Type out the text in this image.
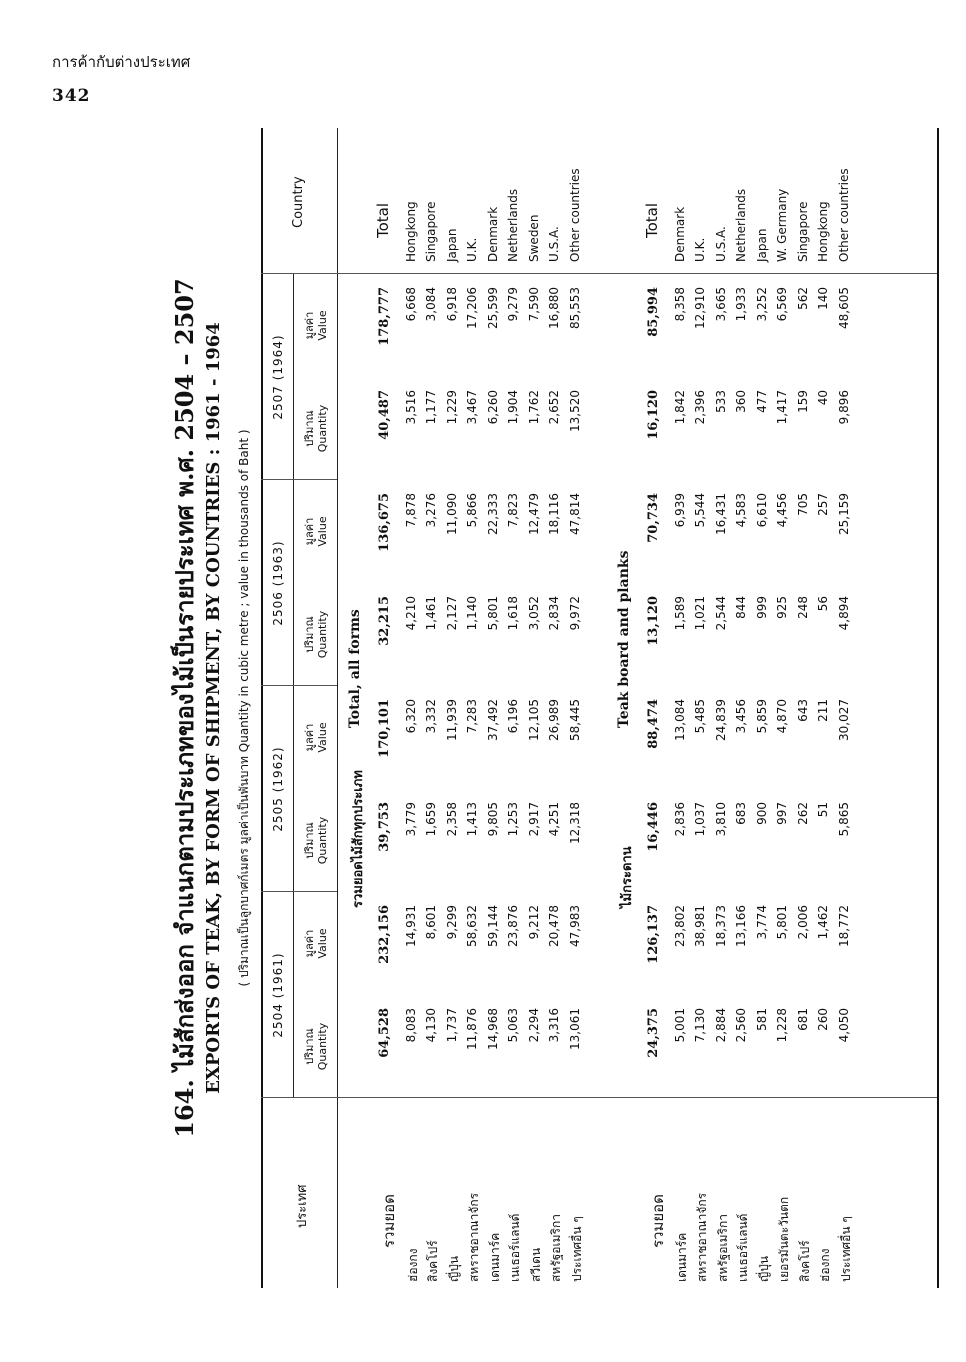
การค้ากับต่างประเทศ
342
164. ไม้สักส่งออก จำแนกตามประเภทของไม้เป็นรายประเทศ พ.ศ. 2504 – 2507 EXPORTS OF TEAK, BY FORM OF SHIPMENT, BY COUNTRIES : 1961 - 1964 ( ปริมาณเป็นลูกบาศก์เมตร มูลค่าเป็นพันบาท Quantity in cubic metre ; value in thousands of Baht )
ประเทศ
Country
2504 (1961)
ปริมาณ
Quantity
มูลค่า
Value
2505 (1962)
ปริมาณ
Quantity
มูลค่า
Value
2506 (1963)
ปริมาณ
Quantity
มูลค่า
Value
2507 (1964)
ปริมาณ
Quantity
มูลค่า
Value
รวมยอดไม้สักทุกประเภท
Total, all forms
รวมยอด
Total
64,528
232,156
39,753
170,101
32,215
136,675
40,487
178,777
ฮ่องกง
Hongkong
8,083
14,931
3,779
6,320
4,210
7,878
3,516
6,668
สิงคโปร์
Singapore
4,130
8,601
1,659
3,332
1,461
3,276
1,177
3,084
ญี่ปุ่น
Japan
1,737
9,299
2,358
11,939
2,127
11,090
1,229
6,918
สหราชอาณาจักร
U.K.
11,876
58,632
1,413
7,283
1,140
5,866
3,467
17,206
เดนมาร์ค
Denmark
14,968
59,144
9,805
37,492
5,801
22,333
6,260
25,599
เนเธอร์แลนด์
Netherlands
5,063
23,876
1,253
6,196
1,618
7,823
1,904
9,279
สวีเดน
Sweden
2,294
9,212
2,917
12,105
3,052
12,479
1,762
7,590
สหรัฐอเมริกา
U.S.A.
3,316
20,478
4,251
26,989
2,834
18,116
2,652
16,880
ประเทศอื่น ๆ
Other countries
13,061
47,983
12,318
58,445
9,972
47,814
13,520
85,553
ไม้กระดาน
Teak board and planks
รวมยอด
Total
24,375
126,137
16,446
88,474
13,120
70,734
16,120
85,994
เดนมาร์ค
Denmark
5,001
23,802
2,836
13,084
1,589
6,939
1,842
8,358
สหราชอาณาจักร
U.K.
7,130
38,981
1,037
5,485
1,021
5,544
2,396
12,910
สหรัฐอเมริกา
U.S.A.
2,884
18,373
3,810
24,839
2,544
16,431
533
3,665
เนเธอร์แลนด์
Netherlands
2,560
13,166
683
3,456
844
4,583
360
1,933
ญี่ปุ่น
Japan
581
3,774
900
5,859
999
6,610
477
3,252
เยอรมันตะวันตก
W. Germany
1,228
5,801
997
4,870
925
4,456
1,417
6,569
สิงคโปร์
Singapore
681
2,006
262
643
248
705
159
562
ฮ่องกง
Hongkong
260
1,462
51
211
56
257
40
140
ประเทศอื่น ๆ
Other countries
4,050
18,772
5,865
30,027
4,894
25,159
9,896
48,605
